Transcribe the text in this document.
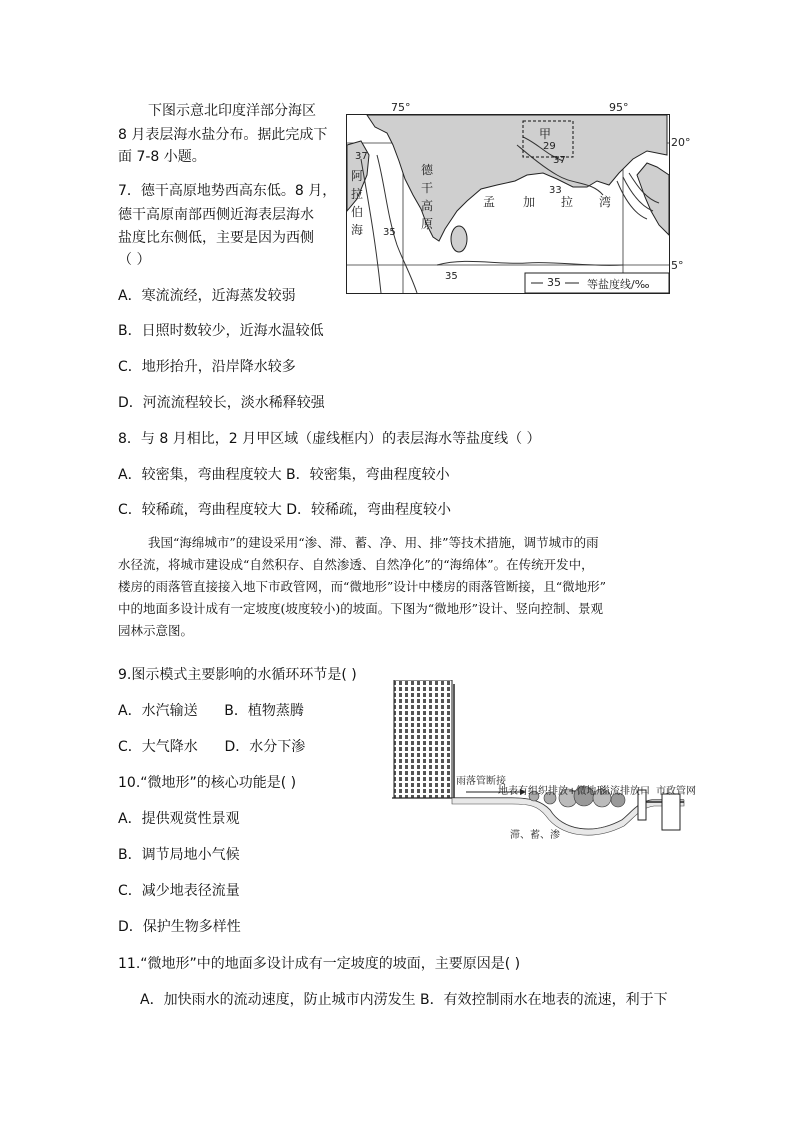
下图示意北印度洋部分海区
8 月表层海水盐分布。据此完成下
面 7-8 小题。
7．德干高原地势西高东低。8 月，
德干高原南部西侧近海表层海水
盐度比东侧低，主要是因为西侧
（ ）
A．寒流流经，近海蒸发较弱
B．日照时数较少，近海水温较低
C．地形抬升，沿岸降水较多
D．河流流程较长，淡水稀释较强
8．与 8 月相比，2 月甲区域（虚线框内）的表层海水等盐度线（ ）
A．较密集，弯曲程度较大 B．较密集，弯曲程度较小
C．较稀疏，弯曲程度较大 D．较稀疏，弯曲程度较小
75°	95°
20°
5°
甲
29
阿
拉
伯
海
德
干
高
原
孟 加 拉 湾
37	37
35
35
33
35 等盐度线/‰
我国“海绵城市”的建设采用“渗、滞、蓄、净、用、排”等技术措施，调节城市的雨
水径流，将城市建设成“自然积存、自然渗透、自然净化”的“海绵体”。在传统开发中，
楼房的雨落管直接接入地下市政管网，而“微地形”设计中楼房的雨落管断接，且“微地形”
中的地面多设计成有一定坡度(坡度较小)的坡面。下图为“微地形”设计、竖向控制、景观
园林示意图。
9.图示模式主要影响的水循环环节是( )
A．水汽输送      B．植物蒸腾
C．大气降水      D．水分下渗
10.“微地形”的核心功能是( )
A．提供观赏性景观
B．调节局地小气候
C．减少地表径流量
D．保护生物多样性
11.“微地形”中的地面多设计成有一定坡度的坡面，主要原因是( )
A．加快雨水的流动速度，防止城市内涝发生 B．有效控制雨水在地表的流速，利于下
雨落管断接
地表有组织排放+微地形
溢流排放口 市政管网
滞、蓄、渗
